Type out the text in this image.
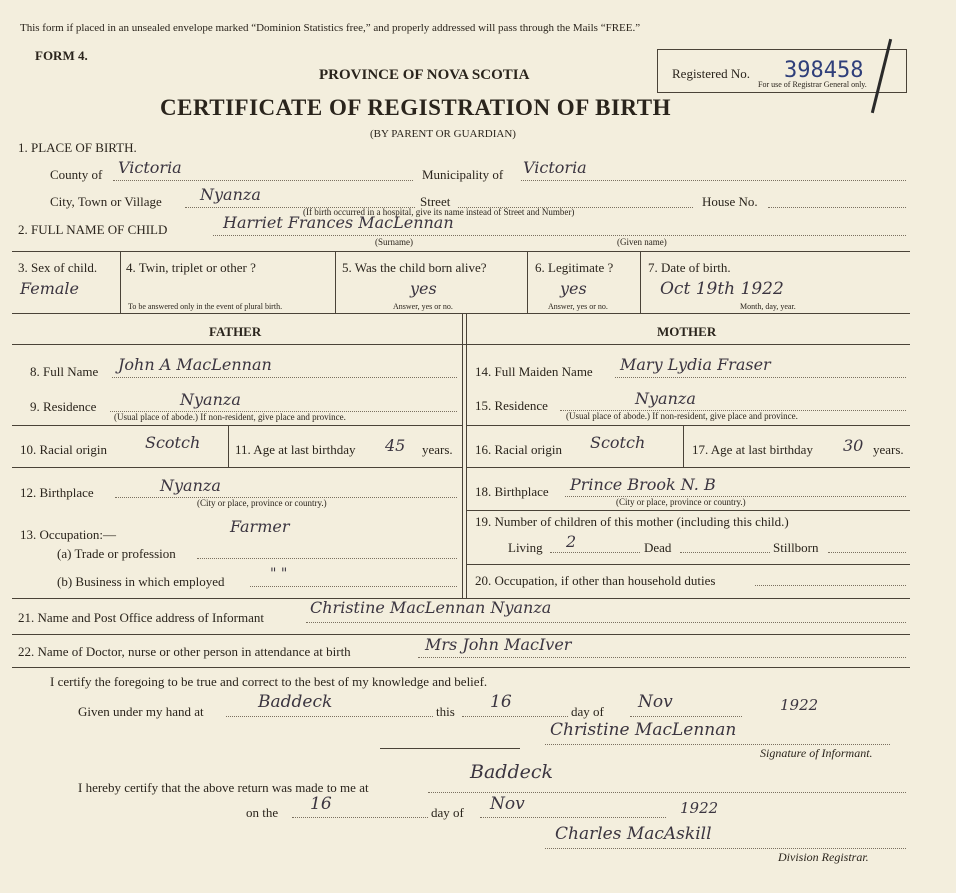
This form if placed in an unsealed envelope marked “Dominion Statistics free,” and properly addressed will pass through the Mails “FREE.”
FORM 4.
PROVINCE OF NOVA SCOTIA
CERTIFICATE OF REGISTRATION OF BIRTH
(BY PARENT OR GUARDIAN)
Registered No. 398458
For use of Registrar General only.
1. PLACE OF BIRTH.
County of Victoria	Municipality of Victoria
City, Town or Village Nyanza	Street	House No.
(If birth occurred in a hospital, give its name instead of Street and Number)
2. FULL NAME OF CHILD	Harriet Frances MacLennan
(Surname)	(Given name)
3. Sex of child.
Female
4. Twin, triplet or other ?
To be answered only in the event of plural birth.
5. Was the child born alive?
yes
Answer, yes or no.
6. Legitimate ?
yes
Answer, yes or no.
7. Date of birth.
Oct 19th 1922
Month, day, year.
FATHER	MOTHER
8. Full Name John A MacLennan	14. Full Maiden Name Mary Lydia Fraser
9. Residence	Nyanza
(Usual place of abode.) If non-resident, give place and province.
15. Residence	Nyanza
(Usual place of abode.) If non-resident, give place and province.
10. Racial origin Scotch	11. Age at last birthday 45 years. 16. Racial origin Scotch	17. Age at last birthday 30 years.
12. Birthplace	Nyanza
(City or place, province or country.)
18. Birthplace Prince Brook N. B
(City or place, province or country.)
13. Occupation:—	Farmer	19. Number of children of this mother (including this child.)
Living 2	Dead	Stillborn
(a) Trade or profession
(b) Business in which employed	" "	20. Occupation, if other than household duties
21. Name and Post Office address of Informant
Christine MacLennan Nyanza
22. Name of Doctor, nurse or other person in attendance at birth	Mrs John MacIver
I certify the foregoing to be true and correct to the best of my knowledge and belief.
Given under my hand at	Baddeck	this 16	day of Nov	1922
Christine MacLennan
Signature of Informant.
I hereby certify that the above return was made to me at
Baddeck
on the 16	day of Nov	1922
Charles MacAskill
Division Registrar.
